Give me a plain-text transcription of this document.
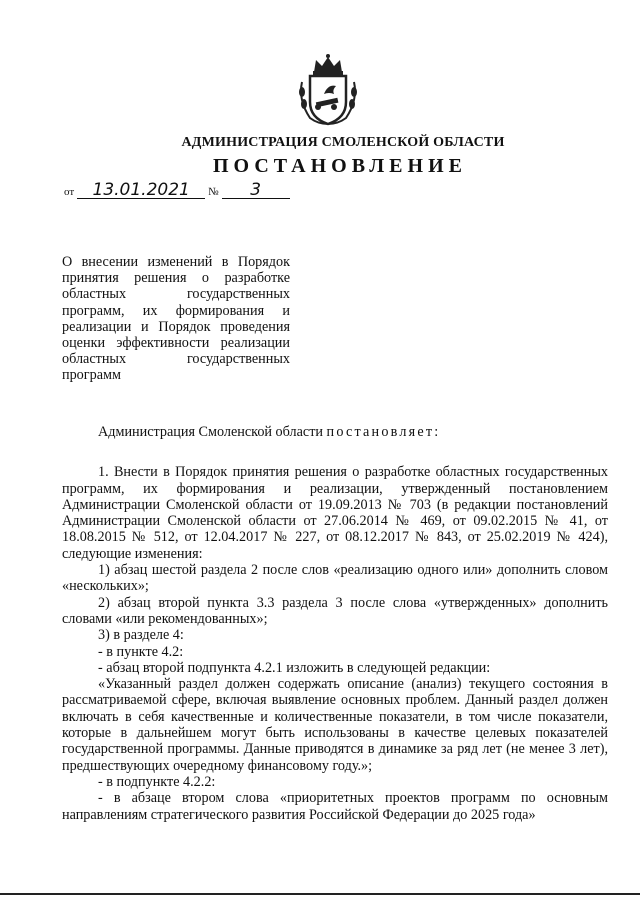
АДМИНИСТРАЦИЯ СМОЛЕНСКОЙ ОБЛАСТИ
ПОСТАНОВЛЕНИЕ
от 13.01.2021 № 3
О внесении изменений в Порядок принятия решения о разработке областных государственных программ, их формирования и реализации и Порядок проведения оценки эффективности реализации областных государственных программ

Администрация Смоленской области постановляет:

1. Внести в Порядок принятия решения о разработке областных государственных программ, их формирования и реализации, утвержденный постановлением Администрации Смоленской области от 19.09.2013 № 703 (в редакции постановлений Администрации Смоленской области от 27.06.2014 № 469, от 09.02.2015 № 41, от 18.08.2015 № 512, от 12.04.2017 № 227, от 08.12.2017 № 843, от 25.02.2019 № 424), следующие изменения:

1) абзац шестой раздела 2 после слов «реализацию одного или» дополнить словом «нескольких»;

2) абзац второй пункта 3.3 раздела 3 после слова «утвержденных» дополнить словами «или рекомендованных»;

3) в разделе 4:

- в пункте 4.2:

- абзац второй подпункта 4.2.1 изложить в следующей редакции:

«Указанный раздел должен содержать описание (анализ) текущего состояния в рассматриваемой сфере, включая выявление основных проблем. Данный раздел должен включать в себя качественные и количественные показатели, в том числе показатели, которые в дальнейшем могут быть использованы в качестве целевых показателей государственной программы. Данные приводятся в динамике за ряд лет (не менее 3 лет), предшествующих очередному финансовому году.»;

- в подпункте 4.2.2:

- в абзаце втором слова «приоритетных проектов программ по основным направлениям стратегического развития Российской Федерации до 2025 года»
